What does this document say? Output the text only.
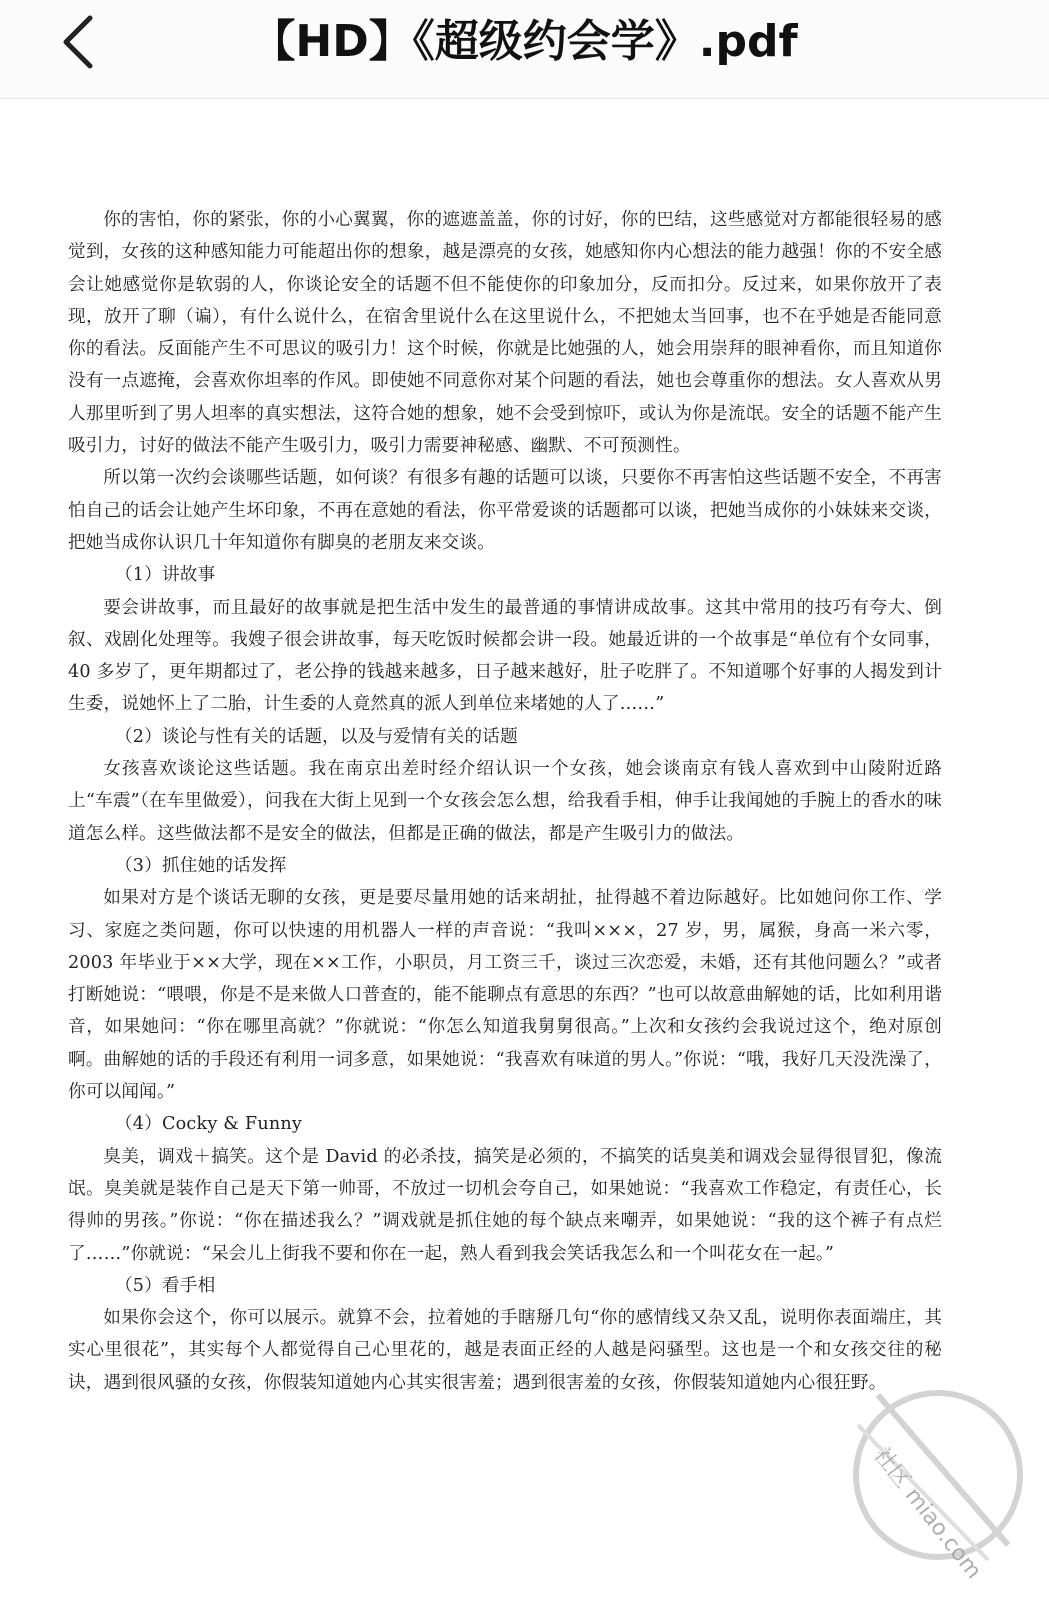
【HD】《超级约会学》.pdf

你的害怕，你的紧张，你的小心翼翼，你的遮遮盖盖，你的讨好，你的巴结，这些感觉对方都能很轻易的感觉到，女孩的这种感知能力可能超出你的想象，越是漂亮的女孩，她感知你内心想法的能力越强！你的不安全感会让她感觉你是软弱的人，你谈论安全的话题不但不能使你的印象加分，反而扣分。反过来，如果你放开了表现，放开了聊（谝），有什么说什么，在宿舍里说什么在这里说什么，不把她太当回事，也不在乎她是否能同意你的看法。反面能产生不可思议的吸引力！这个时候，你就是比她强的人，她会用崇拜的眼神看你，而且知道你没有一点遮掩，会喜欢你坦率的作风。即使她不同意你对某个问题的看法，她也会尊重你的想法。女人喜欢从男人那里听到了男人坦率的真实想法，这符合她的想象，她不会受到惊吓，或认为你是流氓。安全的话题不能产生吸引力，讨好的做法不能产生吸引力，吸引力需要神秘感、幽默、不可预测性。

所以第一次约会谈哪些话题，如何谈？有很多有趣的话题可以谈，只要你不再害怕这些话题不安全，不再害怕自己的话会让她产生坏印象，不再在意她的看法，你平常爱谈的话题都可以谈，把她当成你的小妹妹来交谈，把她当成你认识几十年知道你有脚臭的老朋友来交谈。

（1）讲故事

要会讲故事，而且最好的故事就是把生活中发生的最普通的事情讲成故事。这其中常用的技巧有夸大、倒叙、戏剧化处理等。我嫂子很会讲故事，每天吃饭时候都会讲一段。她最近讲的一个故事是“单位有个女同事，40 多岁了，更年期都过了，老公挣的钱越来越多，日子越来越好，肚子吃胖了。不知道哪个好事的人揭发到计生委，说她怀上了二胎，计生委的人竟然真的派人到单位来堵她的人了……”

（2）谈论与性有关的话题，以及与爱情有关的话题

女孩喜欢谈论这些话题。我在南京出差时经介绍认识一个女孩，她会谈南京有钱人喜欢到中山陵附近路上“车震”（在车里做爱），问我在大街上见到一个女孩会怎么想，给我看手相，伸手让我闻她的手腕上的香水的味道怎么样。这些做法都不是安全的做法，但都是正确的做法，都是产生吸引力的做法。

（3）抓住她的话发挥

如果对方是个谈话无聊的女孩，更是要尽量用她的话来胡扯，扯得越不着边际越好。比如她问你工作、学习、家庭之类问题，你可以快速的用机器人一样的声音说：“我叫×××，27 岁，男，属猴，身高一米六零，2003 年毕业于××大学，现在××工作，小职员，月工资三千，谈过三次恋爱，未婚，还有其他问题么？”或者打断她说：“喂喂，你是不是来做人口普查的，能不能聊点有意思的东西？”也可以故意曲解她的话，比如利用谐音，如果她问：“你在哪里高就？”你就说：“你怎么知道我舅舅很高。”上次和女孩约会我说过这个，绝对原创啊。曲解她的话的手段还有利用一词多意，如果她说：“我喜欢有味道的男人。”你说：“哦，我好几天没洗澡了，你可以闻闻。”

（4）Cocky & Funny

臭美，调戏＋搞笑。这个是 David 的必杀技，搞笑是必须的，不搞笑的话臭美和调戏会显得很冒犯，像流氓。臭美就是装作自己是天下第一帅哥，不放过一切机会夸自己，如果她说：“我喜欢工作稳定，有责任心，长得帅的男孩。”你说：“你在描述我么？”调戏就是抓住她的每个缺点来嘲弄，如果她说：“我的这个裤子有点烂了……”你就说：“呆会儿上街我不要和你在一起，熟人看到我会笑话我怎么和一个叫花女在一起。”

（5）看手相

如果你会这个，你可以展示。就算不会，拉着她的手瞎掰几句“你的感情线又杂又乱，说明你表面端庄，其实心里很花”，其实每个人都觉得自己心里花的，越是表面正经的人越是闷骚型。这也是一个和女孩交往的秘诀，遇到很风骚的女孩，你假装知道她内心其实很害羞；遇到很害羞的女孩，你假装知道她内心很狂野。

社区 miao.com
